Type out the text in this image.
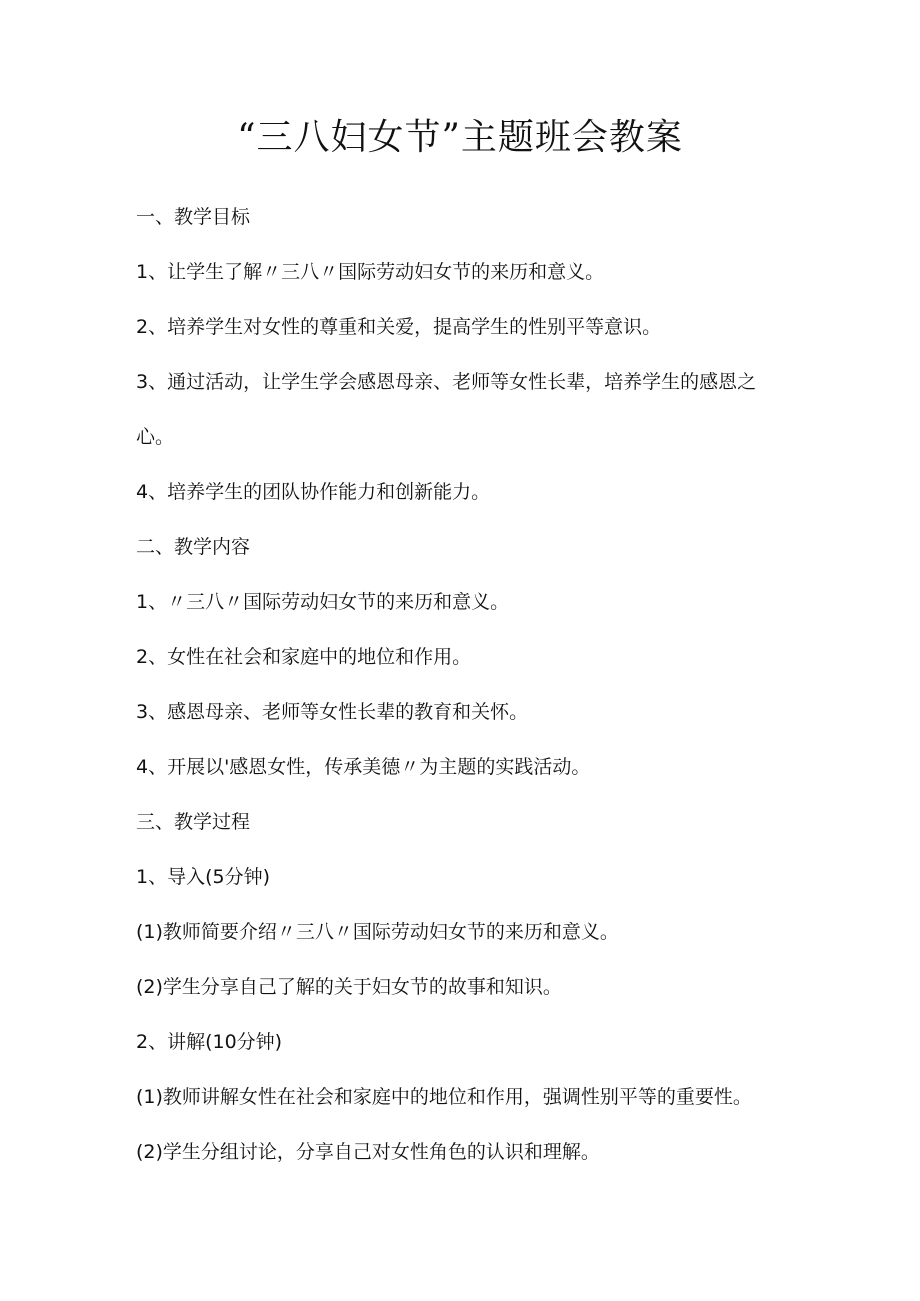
“三八妇女节”主题班会教案
一、教学目标
1、让学生了解〃三八〃国际劳动妇女节的来历和意义。
2、培养学生对女性的尊重和关爱，提高学生的性别平等意识。
3、通过活动，让学生学会感恩母亲、老师等女性长辈，培养学生的感恩之
心。
4、培养学生的团队协作能力和创新能力。
二、教学内容
1、〃三八〃国际劳动妇女节的来历和意义。
2、女性在社会和家庭中的地位和作用。
3、感恩母亲、老师等女性长辈的教育和关怀。
4、开展以'感恩女性，传承美德〃为主题的实践活动。
三、教学过程
1、导入(5分钟)
(1)教师简要介绍〃三八〃国际劳动妇女节的来历和意义。
(2)学生分享自己了解的关于妇女节的故事和知识。
2、讲解(10分钟)
(1)教师讲解女性在社会和家庭中的地位和作用，强调性别平等的重要性。
(2)学生分组讨论，分享自己对女性角色的认识和理解。
